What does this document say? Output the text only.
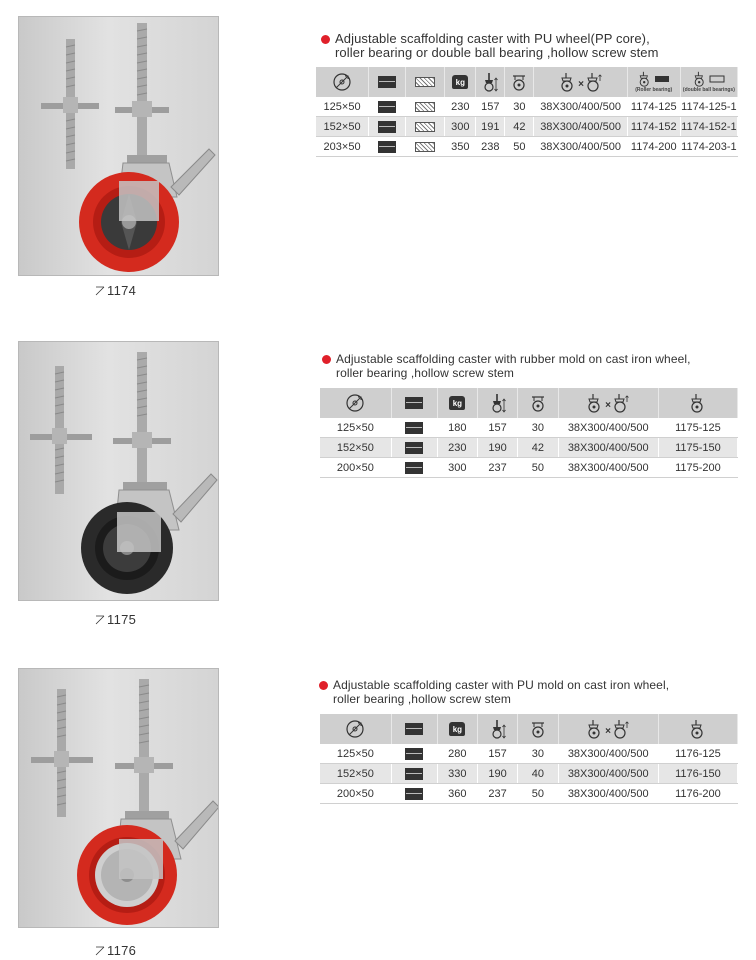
1174
Adjustable scaffolding caster with PU wheel(PP core),
roller bearing or double ball bearing ,hollow screw stem
			kg			×	(Roller bearing)	(double ball bearings)

125×50			230	157	30	38X300/400/500	1174-125	1174-125-1
152×50			300	191	42	38X300/400/500	1174-152	1174-152-1
203×50			350	238	50	38X300/400/500	1174-200	1174-203-1
1175
Adjustable scaffolding caster with rubber mold on cast iron wheel,
roller bearing ,hollow screw stem
		kg			×

125×50		180	157	30	38X300/400/500	1175-125
152×50		230	190	42	38X300/400/500	1175-150
200×50		300	237	50	38X300/400/500	1175-200
1176
Adjustable scaffolding caster with PU mold on cast iron wheel,
roller bearing ,hollow screw stem
		kg			×

125×50		280	157	30	38X300/400/500	1176-125
152×50		330	190	40	38X300/400/500	1176-150
200×50		360	237	50	38X300/400/500	1176-200
